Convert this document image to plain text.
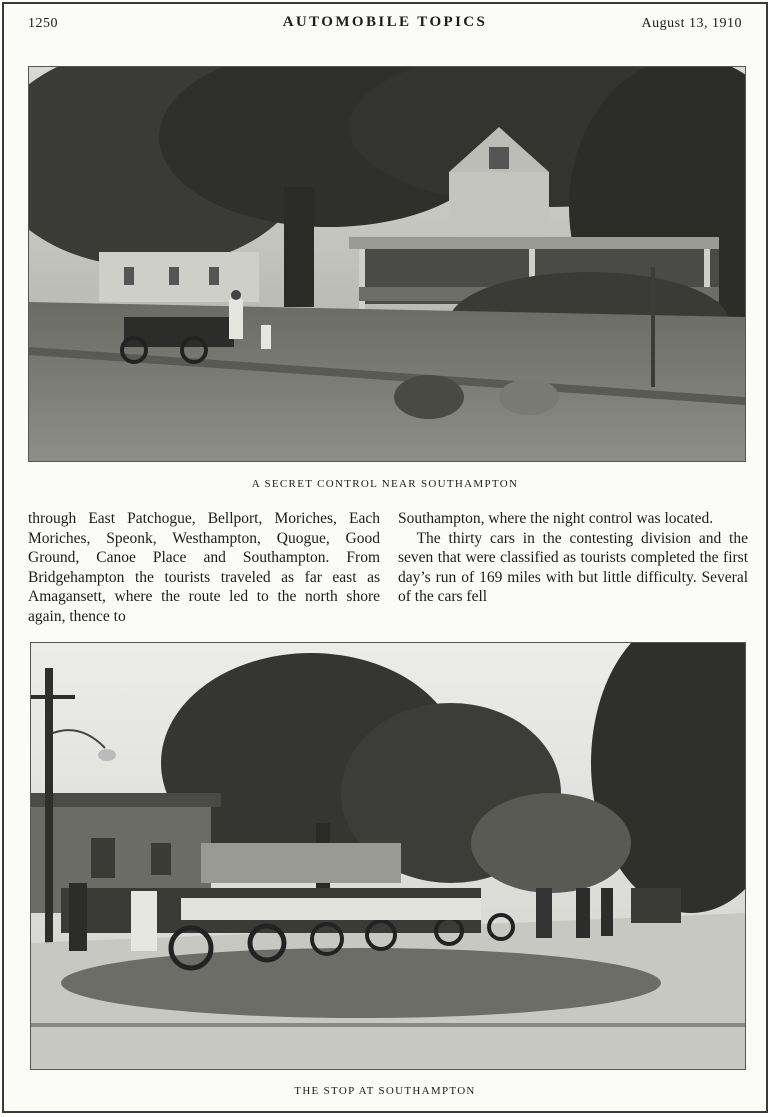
1250	AUTOMOBILE TOPICS	August 13, 1910
A SECRET CONTROL NEAR SOUTHAMPTON

through East Patchogue, Bellport, Moriches, Each Moriches, Speonk, Westhampton, Quogue, Good Ground, Canoe Place and Southampton. From Bridgehampton the tourists traveled as far east as Amagansett, where the route led to the north shore again, thence to

Southampton, where the night control was located.

The thirty cars in the contesting division and the seven that were classified as tourists completed the first day’s run of 169 miles with but little difficulty. Several of the cars fell

THE STOP AT SOUTHAMPTON
